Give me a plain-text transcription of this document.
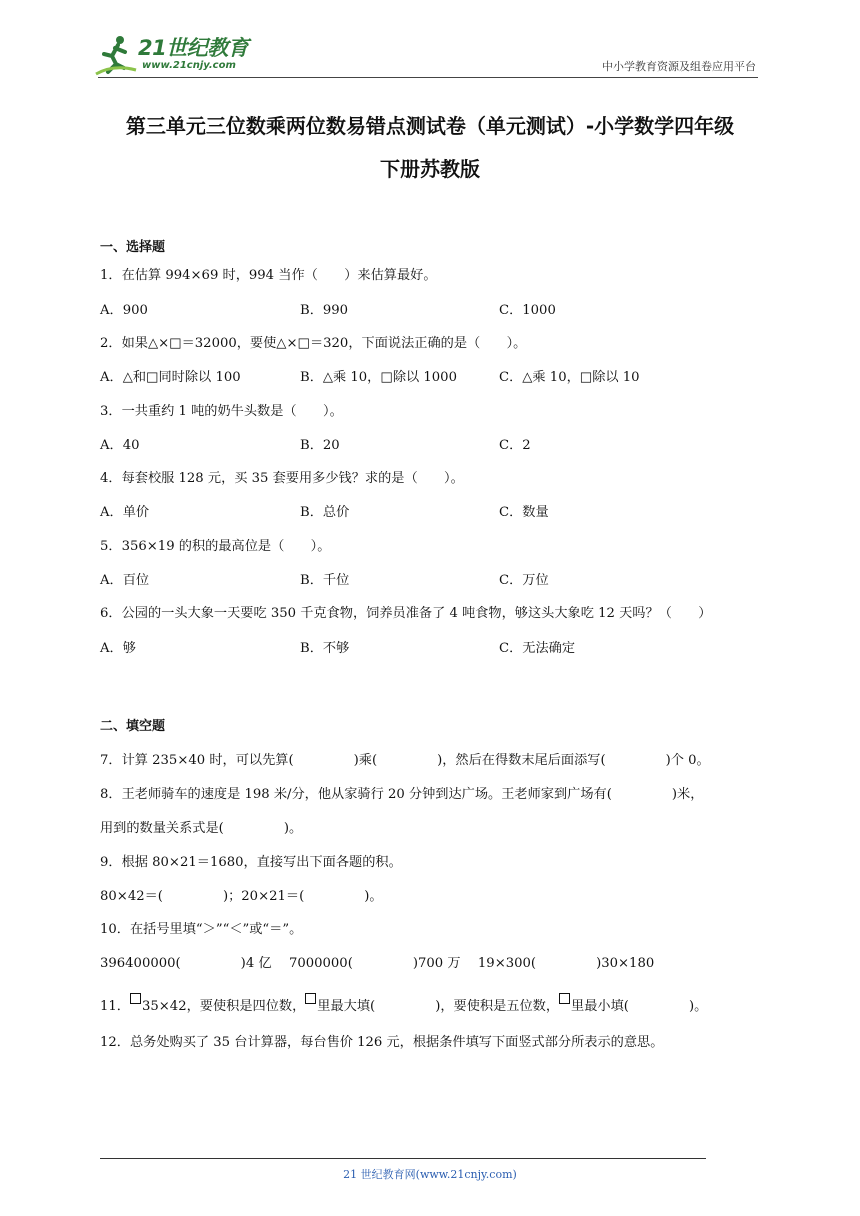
21世纪教育
www.21cnjy.com	中小学教育资源及组卷应用平台
第三单元三位数乘两位数易错点测试卷（单元测试）-小学数学四年级
下册苏教版
一、选择题
1．在估算 994×69 时，994 当作（　　）来估算最好。
A．900	B．990	C．1000
2．如果△×□＝32000，要使△×□＝320，下面说法正确的是（　　）。
A．△和□同时除以 100	B．△乘 10，□除以 1000	C．△乘 10，□除以 10
3．一共重约 1 吨的奶牛头数是（　　）。
A．40	B．20	C．2
4．每套校服 128 元，买 35 套要用多少钱？求的是（　　）。
A．单价	B．总价	C．数量
5．356×19 的积的最高位是（　　）。
A．百位	B．千位	C．万位
6．公园的一头大象一天要吃 350 千克食物，饲养员准备了 4 吨食物，够这头大象吃 12 天吗？（　　）
A．够	B．不够	C．无法确定
二、填空题
7．计算 235×40 时，可以先算(	)乘(	)，然后在得数末尾后面添写(	)个 0。
8．王老师骑车的速度是 198 米/分，他从家骑行 20 分钟到达广场。王老师家到广场有(	)米，
用到的数量关系式是(	)。
9．根据 80×21＝1680，直接写出下面各题的积。
80×42＝(	)；20×21＝(	)。
10．在括号里填“＞”“＜”或“＝”。
396400000(	)4 亿　 7000000(	)700 万　 19×300(	)30×180
11． 35×42，要使积是四位数， 里最大填(	)，要使积是五位数， 里最小填(	)。
12．总务处购买了 35 台计算器，每台售价 126 元，根据条件填写下面竖式部分所表示的意思。
21 世纪教育网(www.21cnjy.com)
